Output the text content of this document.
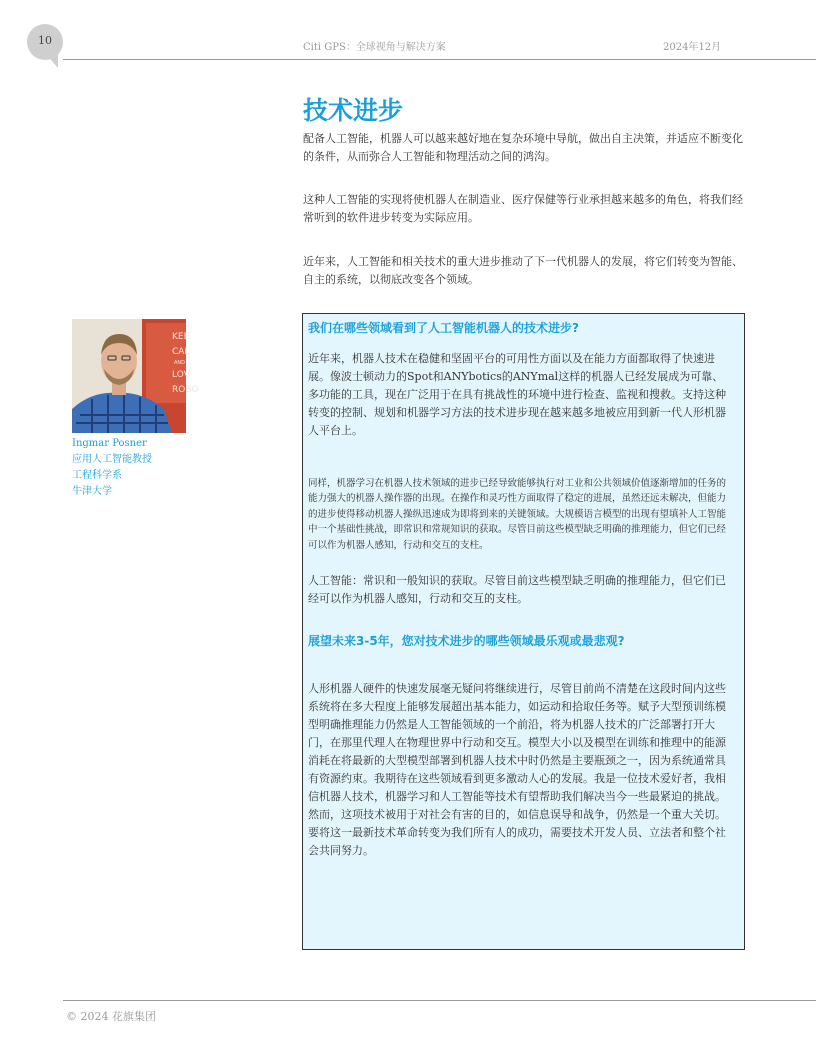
10
Citi GPS：全球视角与解决方案	2024年12月
技术进步

配备人工智能，机器人可以越来越好地在复杂环境中导航，做出自主决策，并适应不断变化的条件，从而弥合人工智能和物理活动之间的鸿沟。

这种人工智能的实现将使机器人在制造业、医疗保健等行业承担越来越多的角色，将我们经常听到的软件进步转变为实际应用。

近年来，人工智能和相关技术的重大进步推动了下一代机器人的发展，将它们转变为智能、自主的系统，以彻底改变各个领域。

KEE
CAL
AND
LOV
ROBO
Ingmar Posner
应用人工智能教授
工程科学系
牛津大学
我们在哪些领域看到了人工智能机器人的技术进步?

近年来，机器人技术在稳健和坚固平台的可用性方面以及在能力方面都取得了快速进展。像波士顿动力的Spot和ANYbotics的ANYmal这样的机器人已经发展成为可靠、多功能的工具，现在广泛用于在具有挑战性的环境中进行检查、监视和搜救。支持这种转变的控制、规划和机器学习方法的技术进步现在越来越多地被应用到新一代人形机器人平台上。

同样，机器学习在机器人技术领域的进步已经导致能够执行对工业和公共领域价值逐渐增加的任务的能力强大的机器人操作器的出现。在操作和灵巧性方面取得了稳定的进展，虽然还远未解决，但能力的进步使得移动机器人操纵迅速成为即将到来的关键领域。大规模语言模型的出现有望填补人工智能中一个基础性挑战，即常识和常规知识的获取。尽管目前这些模型缺乏明确的推理能力，但它们已经可以作为机器人感知，行动和交互的支柱。

人工智能：常识和一般知识的获取。尽管目前这些模型缺乏明确的推理能力，但它们已经可以作为机器人感知，行动和交互的支柱。

展望未来3-5年，您对技术进步的哪些领域最乐观或最悲观?

人形机器人硬件的快速发展毫无疑问将继续进行，尽管目前尚不清楚在这段时间内这些系统将在多大程度上能够发展超出基本能力，如运动和拾取任务等。赋予大型预训练模型明确推理能力仍然是人工智能领域的一个前沿，将为机器人技术的广泛部署打开大门，在那里代理人在物理世界中行动和交互。模型大小以及模型在训练和推理中的能源消耗在将最新的大型模型部署到机器人技术中时仍然是主要瓶颈之一，因为系统通常具有资源约束。我期待在这些领域看到更多激动人心的发展。我是一位技术爱好者，我相信机器人技术，机器学习和人工智能等技术有望帮助我们解决当今一些最紧迫的挑战。然而，这项技术被用于对社会有害的目的，如信息误导和战争，仍然是一个重大关切。要将这一最新技术革命转变为我们所有人的成功，需要技术开发人员、立法者和整个社会共同努力。

© 2024 花旗集团
